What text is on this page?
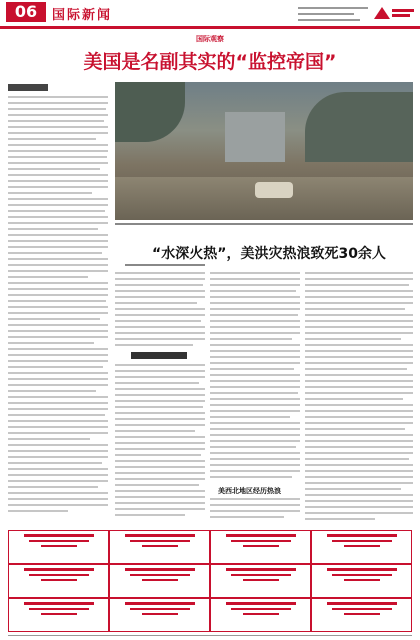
06	国际新闻
国际观察
美国是名副其实的“监控帝国”
“水深火热”，美洪灾热浪致死30余人
美西北地区经历热浪
